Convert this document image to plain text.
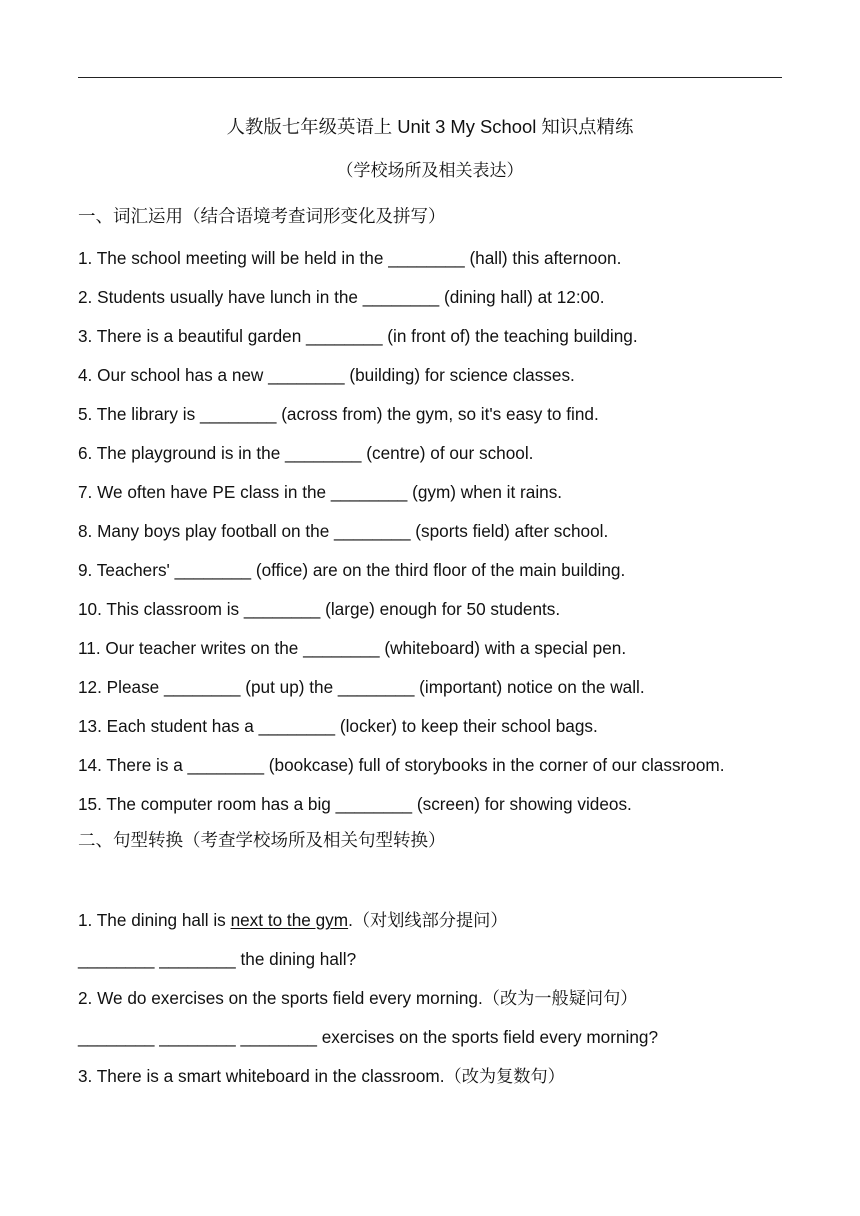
人教版七年级英语上 Unit 3 My School 知识点精练
（学校场所及相关表达）
一、词汇运用（结合语境考查词形变化及拼写）
1. The school meeting will be held in the ________ (hall) this afternoon.
2. Students usually have lunch in the ________ (dining hall) at 12:00.
3. There is a beautiful garden ________ (in front of) the teaching building.
4. Our school has a new ________ (building) for science classes.
5. The library is ________ (across from) the gym, so it's easy to find.
6. The playground is in the ________ (centre) of our school.
7. We often have PE class in the ________ (gym) when it rains.
8. Many boys play football on the ________ (sports field) after school.
9. Teachers' ________ (office) are on the third floor of the main building.
10. This classroom is ________ (large) enough for 50 students.
11. Our teacher writes on the ________ (whiteboard) with a special pen.
12. Please ________ (put up) the ________ (important) notice on the wall.
13. Each student has a ________ (locker) to keep their school bags.
14. There is a ________ (bookcase) full of storybooks in the corner of our classroom.
15. The computer room has a big ________ (screen) for showing videos.
二、句型转换（考查学校场所及相关句型转换）
1. The dining hall is next to the gym.（对划线部分提问）
________ ________ the dining hall?
2. We do exercises on the sports field every morning.（改为一般疑问句）
________ ________ ________ exercises on the sports field every morning?
3. There is a smart whiteboard in the classroom.（改为复数句）
